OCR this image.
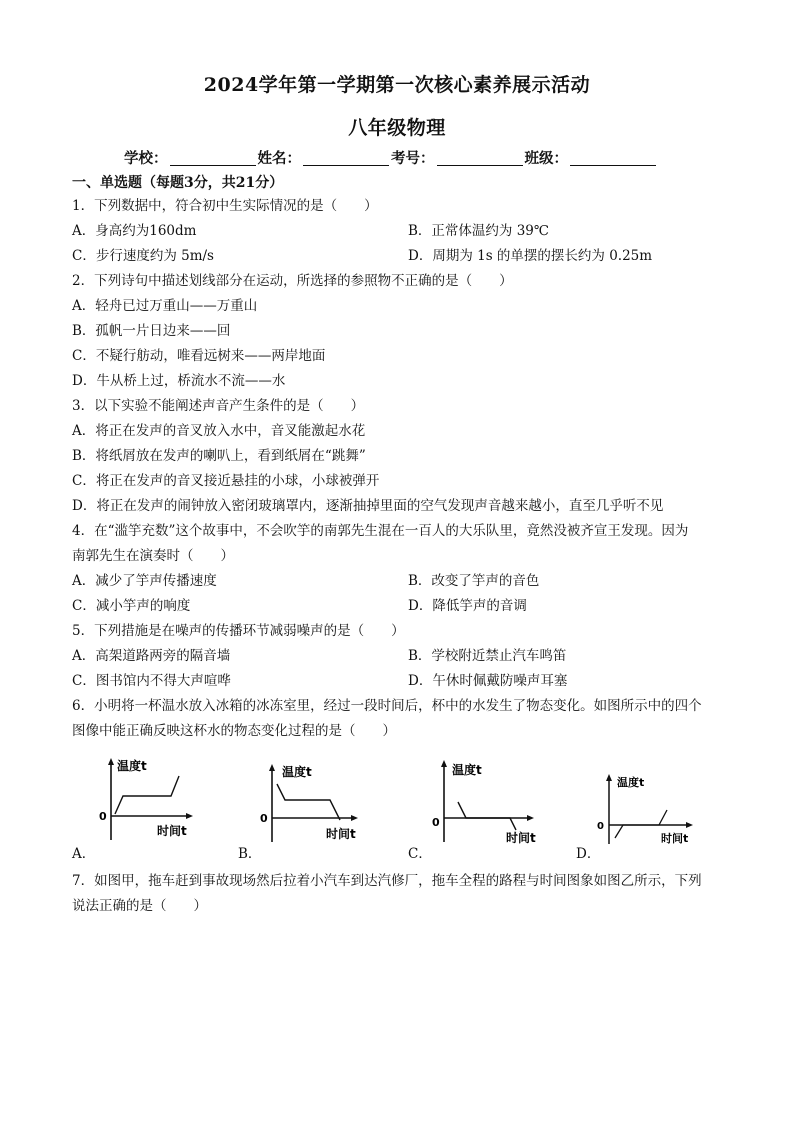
2024学年第一学期第一次核心素养展示活动
八年级物理
学校：	姓名：	考号：	班级：
一、单选题（每题3分，共21分）
1．下列数据中，符合初中生实际情况的是（　　）
A．身高约为160dm	B．正常体温约为 39℃
C．步行速度约为 5m/s	D．周期为 1s 的单摆的摆长约为 0.25m
2．下列诗句中描述划线部分在运动，所选择的参照物不正确的是（　　）
A．轻舟已过万重山——万重山
B．孤帆一片日边来——回
C．不疑行舫动，唯看远树来——两岸地面
D．牛从桥上过，桥流水不流——水
3．以下实验不能阐述声音产生条件的是（　　）
A．将正在发声的音叉放入水中，音叉能激起水花
B．将纸屑放在发声的喇叭上，看到纸屑在“跳舞”
C．将正在发声的音叉接近悬挂的小球，小球被弹开
D．将正在发声的闹钟放入密闭玻璃罩内，逐渐抽掉里面的空气发现声音越来越小，直至几乎听不见
4．在“滥竽充数”这个故事中，不会吹竽的南郭先生混在一百人的大乐队里，竟然没被齐宣王发现。因为
南郭先生在演奏时（　　）
A．减少了竽声传播速度	B．改变了竽声的音色
C．减小竽声的响度	D．降低竽声的音调
5．下列措施是在噪声的传播环节减弱噪声的是（　　）
A．高架道路两旁的隔音墙	B．学校附近禁止汽车鸣笛
C．图书馆内不得大声喧哗	D．午休时佩戴防噪声耳塞
6．小明将一杯温水放入冰箱的冰冻室里，经过一段时间后，杯中的水发生了物态变化。如图所示中的四个
图像中能正确反映这杯水的物态变化过程的是（　　）
温度t
0
时间t
A．
温度t
0
时间t
B．
温度t
0
时间t
C．
温度t
0
时间t
D．
7．如图甲，拖车赶到事故现场然后拉着小汽车到达汽修厂，拖车全程的路程与时间图象如图乙所示，下列
说法正确的是（　　）
